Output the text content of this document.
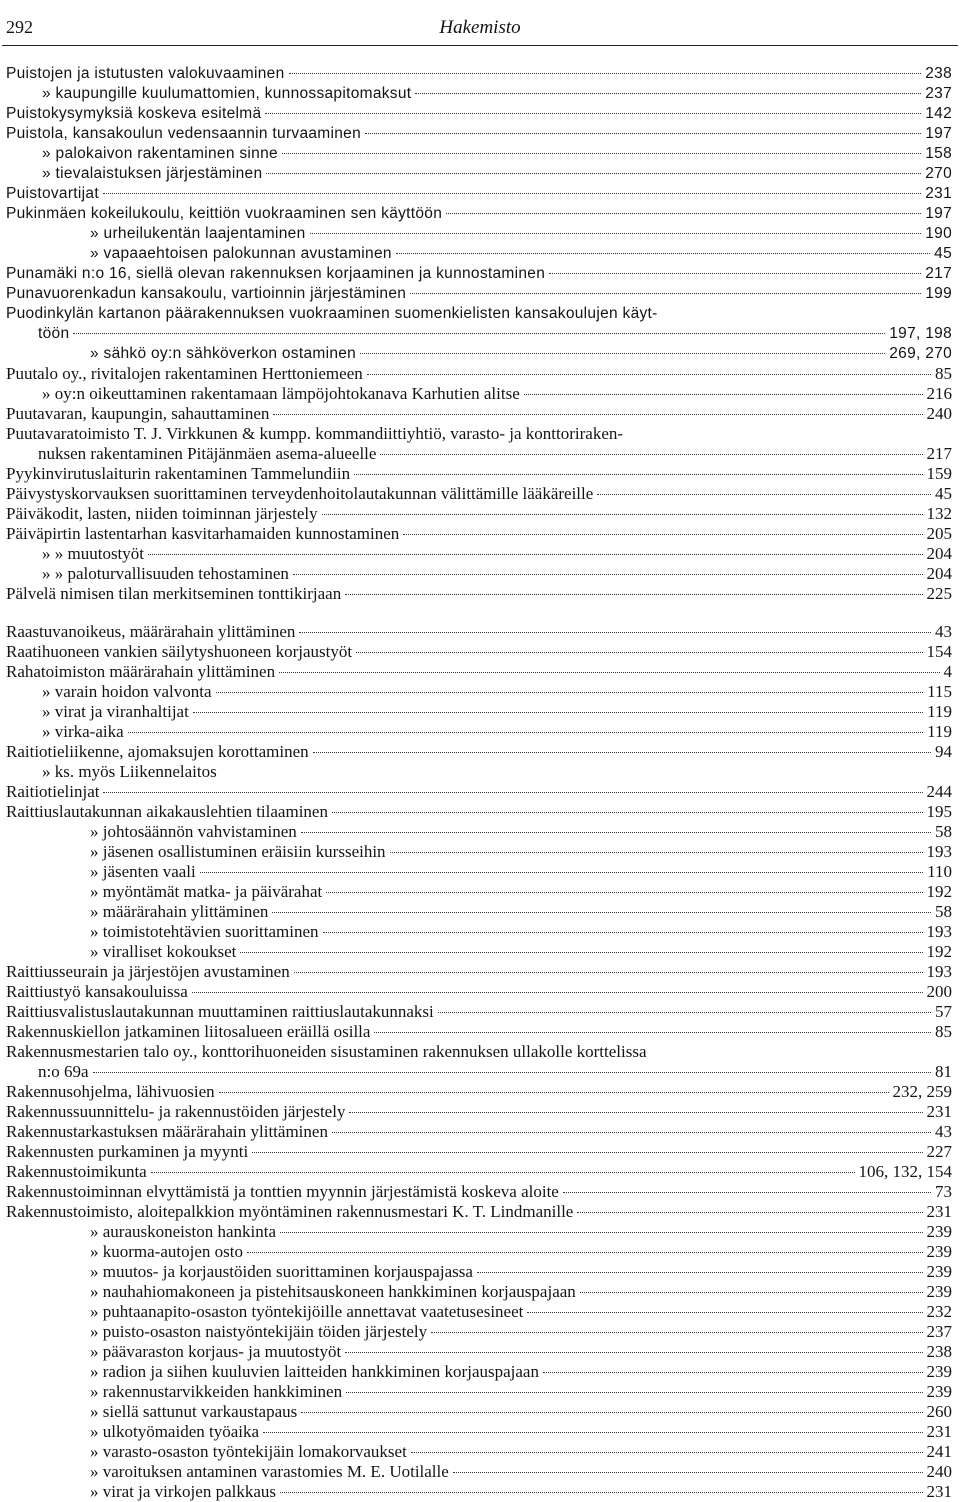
292	Hakemisto
Puistojen ja istutusten valokuvaaminen	238
» kaupungille kuulumattomien, kunnossapitomaksut	237
Puistokysymyksiä koskeva esitelmä	142
Puistola, kansakoulun vedensaannin turvaaminen	197
» palokaivon rakentaminen sinne	158
» tievalaistuksen järjestäminen	270
Puistovartijat	231
Pukinmäen kokeilukoulu, keittiön vuokraaminen sen käyttöön	197
» urheilukentän laajentaminen	190
» vapaaehtoisen palokunnan avustaminen	45
Punamäki n:o 16, siellä olevan rakennuksen korjaaminen ja kunnostaminen	217
Punavuorenkadun kansakoulu, vartioinnin järjestäminen	199
Puodinkylän kartanon päärakennuksen vuokraaminen suomenkielisten kansakoulujen käyt-
töön	197, 198
» sähkö oy:n sähköverkon ostaminen	269, 270
Puutalo oy., rivitalojen rakentaminen Herttoniemeen	85
» oy:n oikeuttaminen rakentamaan lämpöjohtokanava Karhutien alitse	216
Puutavaran, kaupungin, sahauttaminen	240
Puutavaratoimisto T. J. Virkkunen & kumpp. kommandiittiyhtiö, varasto- ja konttoriraken-
nuksen rakentaminen Pitäjänmäen asema-alueelle	217
Pyykinvirutuslaiturin rakentaminen Tammelundiin	159
Päivystyskorvauksen suorittaminen terveydenhoitolautakunnan välittämille lääkäreille	45
Päiväkodit, lasten, niiden toiminnan järjestely	132
Päiväpirtin lastentarhan kasvitarhamaiden kunnostaminen	205
» » muutostyöt	204
» » paloturvallisuuden tehostaminen	204
Pälvelä nimisen tilan merkitseminen tonttikirjaan	225
Raastuvanoikeus, määrärahain ylittäminen	43
Raatihuoneen vankien säilytyshuoneen korjaustyöt	154
Rahatoimiston määrärahain ylittäminen	4
» varain hoidon valvonta	115
» virat ja viranhaltijat	119
» virka-aika	119
Raitiotieliikenne, ajomaksujen korottaminen	94
» ks. myös Liikennelaitos
Raitiotielinjat	244
Raittiuslautakunnan aikakauslehtien tilaaminen	195
» johtosäännön vahvistaminen	58
» jäsenen osallistuminen eräisiin kursseihin	193
» jäsenten vaali	110
» myöntämät matka- ja päivärahat	192
» määrärahain ylittäminen	58
» toimistotehtävien suorittaminen	193
» viralliset kokoukset	192
Raittiusseurain ja järjestöjen avustaminen	193
Raittiustyö kansakouluissa	200
Raittiusvalistuslautakunnan muuttaminen raittiuslautakunnaksi	57
Rakennuskiellon jatkaminen liitosalueen eräillä osilla	85
Rakennusmestarien talo oy., konttorihuoneiden sisustaminen rakennuksen ullakolle korttelissa
n:o 69a	81
Rakennusohjelma, lähivuosien	232, 259
Rakennussuunnittelu- ja rakennustöiden järjestely	231
Rakennustarkastuksen määrärahain ylittäminen	43
Rakennusten purkaminen ja myynti	227
Rakennustoimikunta	106, 132, 154
Rakennustoiminnan elvyttämistä ja tonttien myynnin järjestämistä koskeva aloite	73
Rakennustoimisto, aloitepalkkion myöntäminen rakennusmestari K. T. Lindmanille	231
» aurauskoneiston hankinta	239
» kuorma-autojen osto	239
» muutos- ja korjaustöiden suorittaminen korjauspajassa	239
» nauhahiomakoneen ja pistehitsauskoneen hankkiminen korjauspajaan	239
» puhtaanapito-osaston työntekijöille annettavat vaatetusesineet	232
» puisto-osaston naistyöntekijäin töiden järjestely	237
» päävaraston korjaus- ja muutostyöt	238
» radion ja siihen kuuluvien laitteiden hankkiminen korjauspajaan	239
» rakennustarvikkeiden hankkiminen	239
» siellä sattunut varkaustapaus	260
» ulkotyömaiden työaika	231
» varasto-osaston työntekijäin lomakorvaukset	241
» varoituksen antaminen varastomies M. E. Uotilalle	240
» virat ja virkojen palkkaus	231
